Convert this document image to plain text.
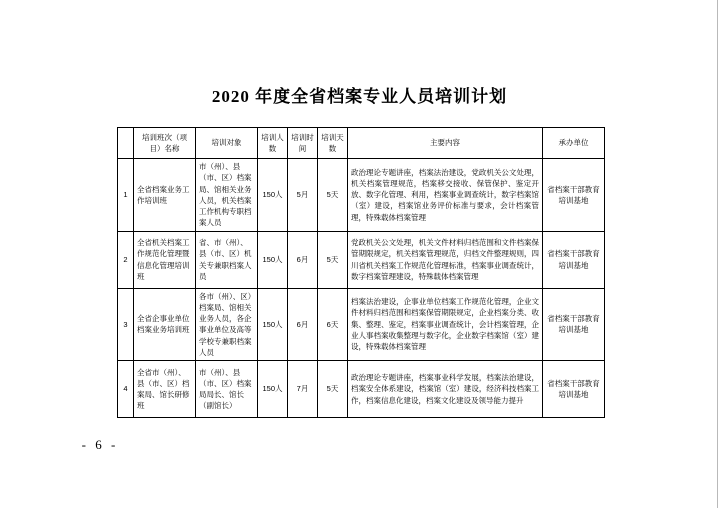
2020 年度全省档案专业人员培训计划
	培训班次（项目）名称	培训对象	培训人数	培训时间	培训天数	主要内容	承办单位
1	全省档案业务工作培训班	市（州）、县（市、区）档案局、馆相关业务人员，机关档案工作机构专职档案人员	150人	5月	5天	政治理论专题讲座，档案法治建设，党政机关公文处理，机关档案管理规范，档案移交接收、保管保护、鉴定开放、数字化管理、利用，档案事业调查统计，数字档案馆（室）建设，档案馆业务评价标准与要求，会计档案管理，特殊载体档案管理	省档案干部教育培训基地
2	全省机关档案工作规范化管理暨信息化管理培训班	省、市（州）、县（市、区）机关专兼职档案人员	150人	6月	5天	党政机关公文处理，机关文件材料归档范围和文件档案保管期限规定，机关档案管理规范，归档文件整理规则，四川省机关档案工作规范化管理标准，档案事业调查统计，数字档案管理建设，特殊载体档案管理	省档案干部教育培训基地
3	全省企事业单位档案业务培训班	各市（州）、区）档案局、馆相关业务人员，各企事业单位及高等学校专兼职档案人员	150人	6月	6天	档案法治建设，企事业单位档案工作规范化管理，企业文件材料归档范围和档案保管期限规定，企业档案分类、收集、整理、鉴定，档案事业调查统计，会计档案管理，企业人事档案收集整理与数字化，企业数字档案馆（室）建设，特殊载体档案管理	省档案干部教育培训基地
4	全省市（州）、县（市、区）档案局、馆长研修班	市（州）、县（市、区）档案局局长、馆长（副馆长）	150人	7月	5天	政治理论专题讲座，档案事业科学发展，档案法治建设，档案安全体系建设，档案馆（室）建设，经济科技档案工作，档案信息化建设，档案文化建设及领导能力提升	省档案干部教育培训基地
- 6 -
